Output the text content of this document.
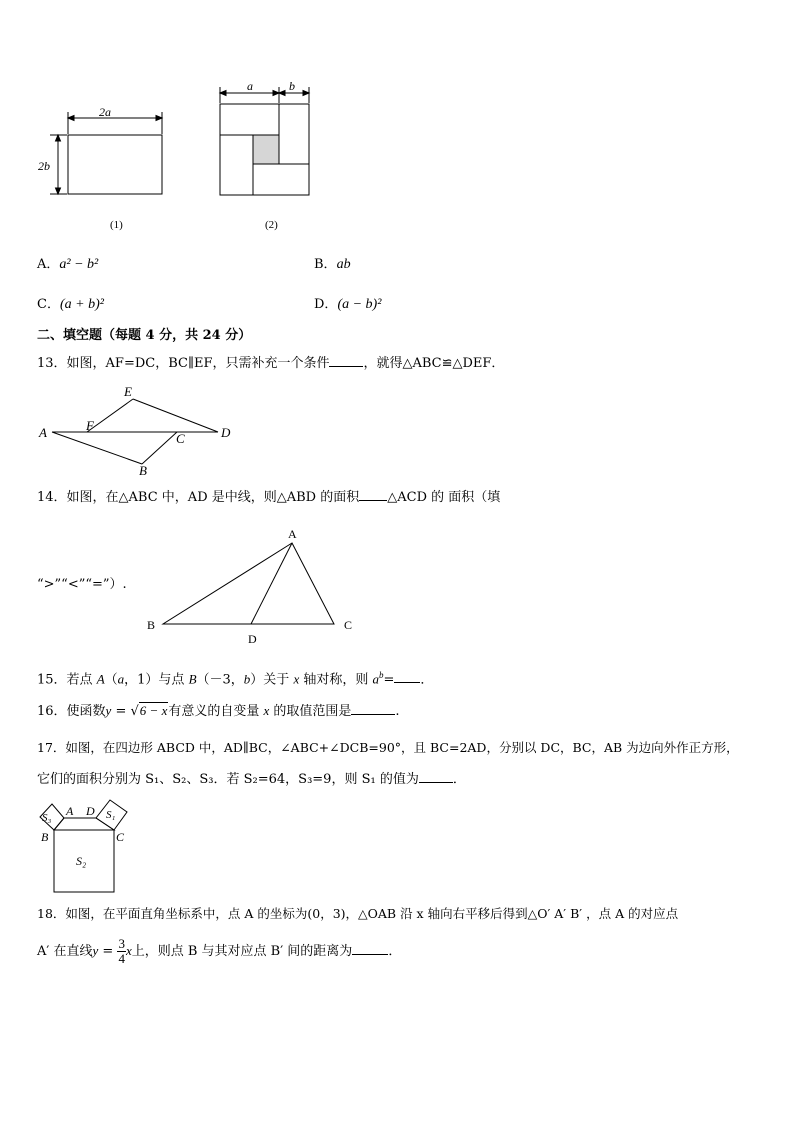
2a
2b
(1)
a	b
(2)
A．a² − b²	B．ab
C．(a + b)²	D．(a − b)²
二、填空题（每题 4 分，共 24 分）
13．如图，AF=DC，BC∥EF，只需补充一个条件	，就得△ABC≌△DEF．
E
F
A	C	D
B
14．如图，在△ABC 中，AD 是中线，则△ABD 的面积 △ACD 的 面积（填
“>”“<”“=”）.
A
B
D
C
15．若点 A（a，1）与点 B（－3，b）关于 x 轴对称，则 $a^b=$ ．
16．使函数y = √6 − x有意义的自变量 x 的取值范围是	.
17．如图，在四边形 ABCD 中，AD∥BC，∠ABC+∠DCB=90°，且 BC=2AD，分别以 DC，BC，AB 为边向外作正方形，
它们的面积分别为 S₁、S₂、S₃．若 S₂=64，S₃=9，则 S₁ 的值为	．
S₃	S₁
S₂
A D
B	C
18．如图，在平面直角坐标系中，点 A 的坐标为(0，3)，△OAB 沿 x 轴向右平移后得到△O′ A′ B′ ，点 A 的对应点
A′ 在直线$y = \frac{3}{4}$ x上，则点 B 与其对应点 B′ 间的距离为	．
